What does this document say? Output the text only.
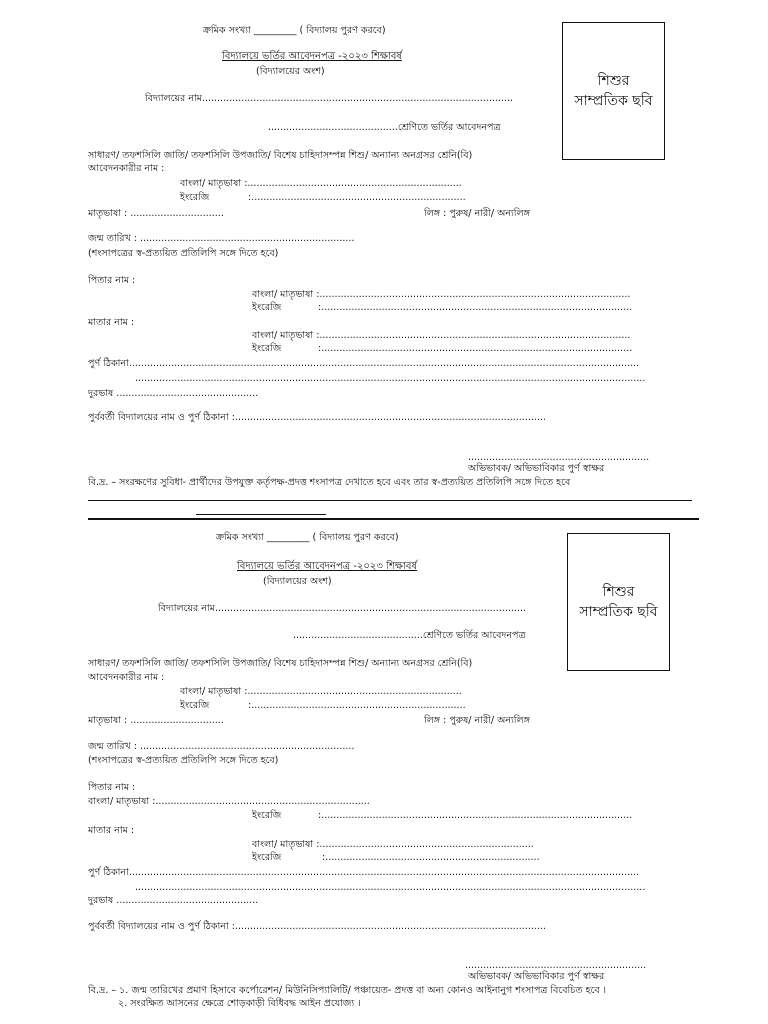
ক্রমিক সংখ্যা _________ ( বিদ্যালয় পুরণ করবে)
বিদ্যালয়ে ভর্তির আবেদনপত্র -২০২৩ শিক্ষাবর্ষ
(বিদ্যালয়ের অংশ)
শিশুর
সাম্প্রতিক ছবি
বিদ্যালয়ের নাম.......................................................................................................
...........................................শ্রেণিতে ভর্তির আবেদনপত্র
সাধারণ/ তফশসিলি জাতি/ তফশসিলি উপজাতি/ বিশেষ চাহিদাসম্পন্ন শিশু/ অন্যান্য অনগ্রসর শ্রেনি(বি)
আবেদনকারীর নাম :
বাংলা/ মাতৃভাষা :.......................................................................
ইংরেজি	:.......................................................................
মাতৃভাষা : ...............................	লিঙ্গ : পুরুষ/ নারী/ অন্যলিঙ্গ
জন্ম তারিখ : .......................................................................
(শংসাপত্রের স্ব-প্রত্যয়িত প্রতিলিপি সঙ্গে দিতে হবে)
পিতার নাম :
বাংলা/ মাতৃভাষা :.......................................................................................................
ইংরেজি	:.......................................................................................................
মাতার নাম :
বাংলা/ মাতৃভাষা :.......................................................................................................
ইংরেজি	:.......................................................................................................
পুর্ণ ঠিকানা.........................................................................................................................................................................
.........................................................................................................................................................................
দুরভাষ ...............................................
পুর্ববর্তী বিদ্যালয়ের নাম ও পুর্ণ ঠিকানা :.......................................................................................................
............................................................
অভিভাবক/ অভিভাবিকার পুর্ণ স্বাক্ষর
বি.দ্র. – সংরক্ষণের সুবিধা- প্রার্থীদের উপযুক্ত কর্তৃপক্ষ-প্রদত্ত শংসাপত্র দেখাতে হবে এবং তার স্ব-প্রত্যয়িত প্রতিলিপি সঙ্গে দিতে হবে
ক্রমিক সংখ্যা _________ ( বিদ্যালয় পুরণ করবে)
বিদ্যালয়ে ভর্তির আবেদনপত্র -২০২৩ শিক্ষাবর্ষ
(বিদ্যালয়ের অংশ)
শিশুর
সাম্প্রতিক ছবি
বিদ্যালয়ের নাম.......................................................................................................
...........................................শ্রেণিতে ভর্তির আবেদনপত্র
সাধারণ/ তফশসিলি জাতি/ তফশসিলি উপজাতি/ বিশেষ চাহিদাসম্পন্ন শিশু/ অন্যান্য অনগ্রসর শ্রেনি(বি)
আবেদনকারীর নাম :
বাংলা/ মাতৃভাষা :.......................................................................
ইংরেজি	:.......................................................................
মাতৃভাষা : ...............................	লিঙ্গ : পুরুষ/ নারী/ অন্যলিঙ্গ
জন্ম তারিখ : .......................................................................
(শংসাপত্রের স্ব-প্রত্যয়িত প্রতিলিপি সঙ্গে দিতে হবে)
পিতার নাম :
বাংলা/ মাতৃভাষা :.......................................................................
ইংরেজি	:.......................................................................................................
মাতার নাম :
বাংলা/ মাতৃভাষা :.......................................................................
ইংরেজি	:.......................................................................
পুর্ণ ঠিকানা.........................................................................................................................................................................
.........................................................................................................................................................................
দুরভাষ ...............................................
পুর্ববর্তী বিদ্যালয়ের নাম ও পুর্ণ ঠিকানা :.......................................................................................................
............................................................
অভিভাবক/ অভিভাবিকার পুর্ণ স্বাক্ষর
বি.দ্র. – ১. জন্ম তারিখের প্রমাণ হিসাবে কর্পোরেশন/ মিউনিসিপ্যালিটি/ পঞ্চায়েত- প্রদত্ত বা অন্য কোনও আইনানুগ শংসাপত্র বিবেচিত হবে ।
২. সংরক্ষিত আসনের ক্ষেত্রে শোড়কাড়ী বিধিবদ্ধ আইন প্রযোজ্য ।
